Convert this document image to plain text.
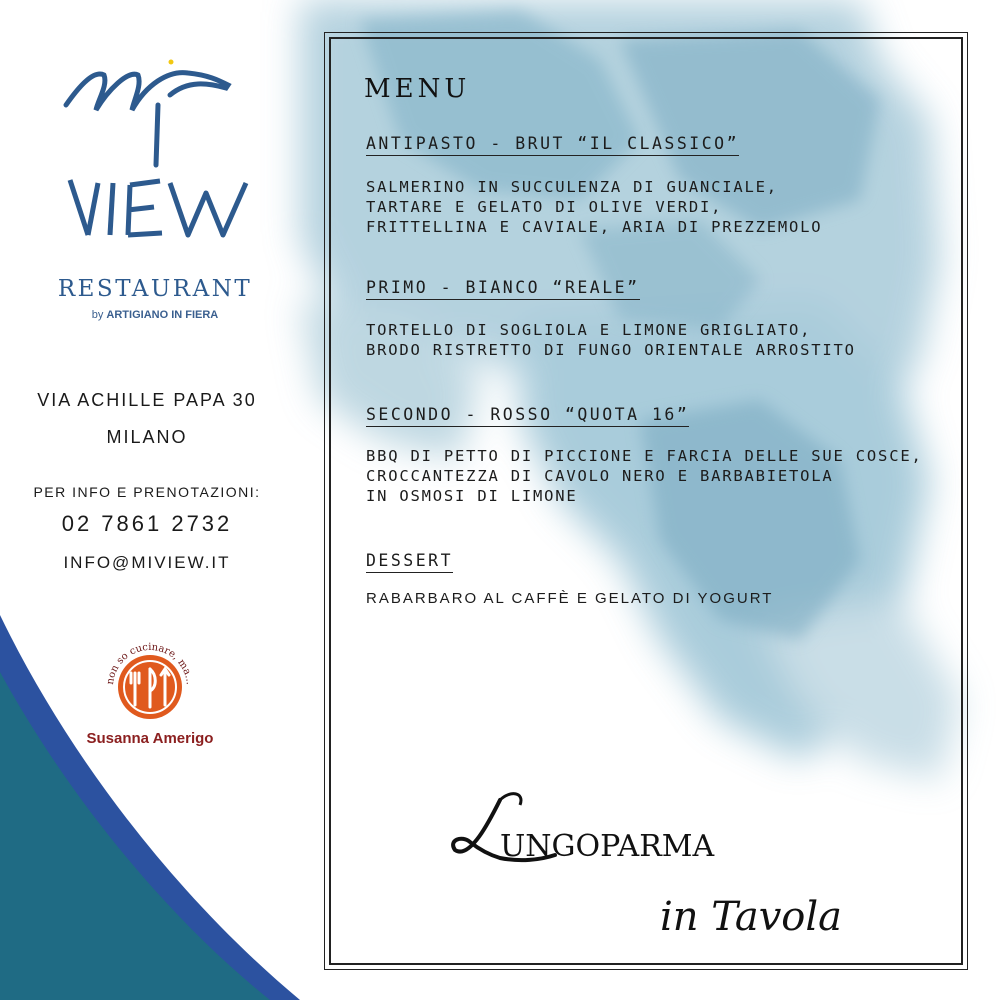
RESTAURANT
by ARTIGIANO IN FIERA
VIA ACHILLE PAPA 30
MILANO
PER INFO E PRENOTAZIONI:
02 7861 2732
INFO@MIVIEW.IT
non so cucinare, ma...
Susanna Amerigo
MENU
ANTIPASTO - BRUT “IL CLASSICO”
SALMERINO IN SUCCULENZA DI GUANCIALE,
TARTARE E GELATO DI OLIVE VERDI,
FRITTELLINA E CAVIALE, ARIA DI PREZZEMOLO
PRIMO - BIANCO “REALE”
TORTELLO DI SOGLIOLA E LIMONE GRIGLIATO,
BRODO RISTRETTO DI FUNGO ORIENTALE ARROSTITO
SECONDO - ROSSO “QUOTA 16”
BBQ DI PETTO DI PICCIONE E FARCIA DELLE SUE COSCE,
CROCCANTEZZA DI CAVOLO NERO E BARBABIETOLA
IN OSMOSI DI LIMONE
DESSERT
RABARBARO AL CAFFÈ E GELATO DI YOGURT
UNGOPARMA
in Tavola
